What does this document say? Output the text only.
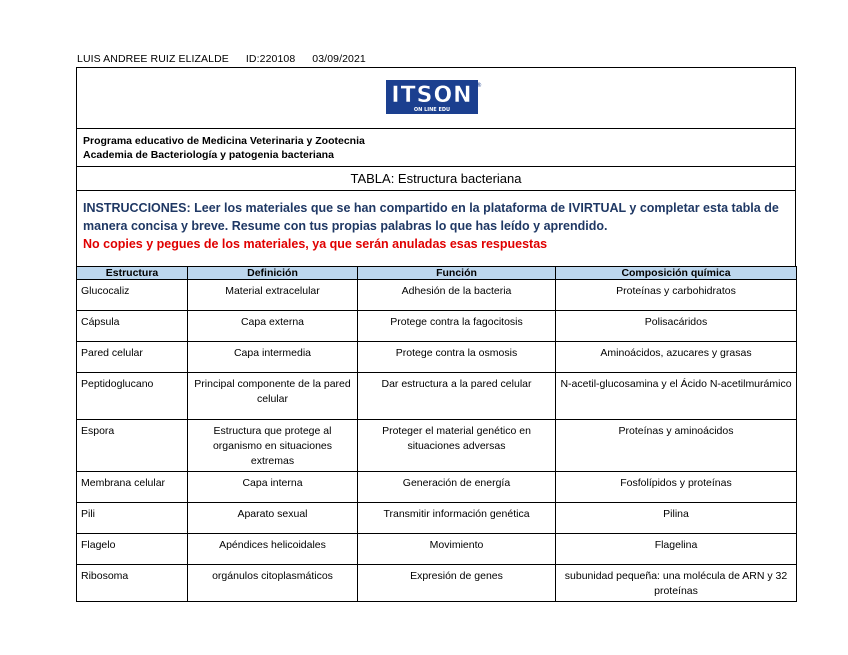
LUIS ANDREE RUIZ ELIZALDE ID:220108 03/09/2021
ITSON
ON LINE EDU
®
Programa educativo de Medicina Veterinaria y Zootecnia
Academia de Bacteriología y patogenia bacteriana
TABLA: Estructura bacteriana
INSTRUCCIONES: Leer los materiales que se han compartido en la plataforma de IVIRTUAL y completar esta tabla de manera concisa y breve. Resume con tus propias palabras lo que has leído y aprendido.
No copies y pegues de los materiales, ya que serán anuladas esas respuestas
Estructura	Definición	Función	Composición química
Glucocaliz	Material extracelular	Adhesión de la bacteria	Proteínas y carbohidratos
Cápsula	Capa externa	Protege contra la fagocitosis	Polisacáridos
Pared celular	Capa intermedia	Protege contra la osmosis	Aminoácidos, azucares y grasas
Peptidoglucano	Principal componente de la pared celular	Dar estructura a la pared celular	N-acetil-glucosamina y el Ácido N-acetilmurámico
Espora	Estructura que protege al organismo en situaciones extremas	Proteger el material genético en situaciones adversas	Proteínas y aminoácidos
Membrana celular	Capa interna	Generación de energía	Fosfolípidos y proteínas
Pili	Aparato sexual	Transmitir información genética	Pilina
Flagelo	Apéndices helicoidales	Movimiento	Flagelina
Ribosoma	orgánulos citoplasmáticos	Expresión de genes	subunidad pequeña: una molécula de ARN y 32 proteínas
